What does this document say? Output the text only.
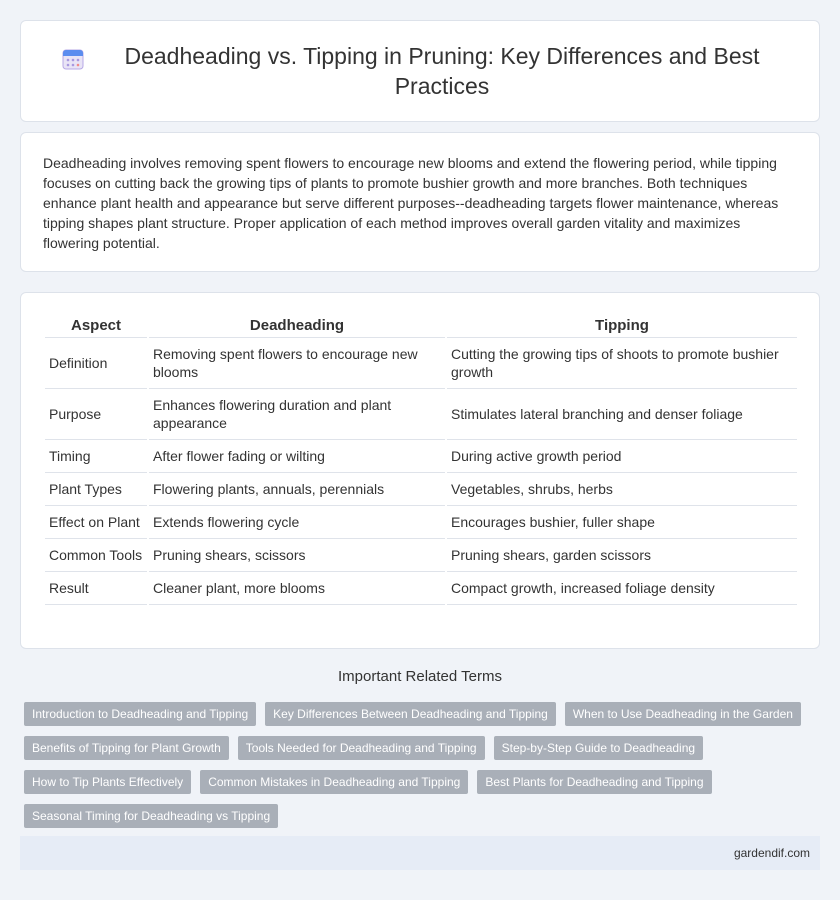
Deadheading vs. Tipping in Pruning: Key Differences and Best Practices

Deadheading involves removing spent flowers to encourage new blooms and extend the flowering period, while tipping focuses on cutting back the growing tips of plants to promote bushier growth and more branches. Both techniques enhance plant health and appearance but serve different purposes--deadheading targets flower maintenance, whereas tipping shapes plant structure. Proper application of each method improves overall garden vitality and maximizes flowering potential.

Aspect	Deadheading	Tipping
Definition	Removing spent flowers to encourage new blooms	Cutting the growing tips of shoots to promote bushier growth
Purpose	Enhances flowering duration and plant appearance	Stimulates lateral branching and denser foliage
Timing	After flower fading or wilting	During active growth period
Plant Types	Flowering plants, annuals, perennials	Vegetables, shrubs, herbs
Effect on Plant	Extends flowering cycle	Encourages bushier, fuller shape
Common Tools	Pruning shears, scissors	Pruning shears, garden scissors
Result	Cleaner plant, more blooms	Compact growth, increased foliage density
Important Related Terms
Introduction to Deadheading and Tipping	Key Differences Between Deadheading and Tipping	When to Use Deadheading in the Garden
Benefits of Tipping for Plant Growth	Tools Needed for Deadheading and Tipping	Step-by-Step Guide to Deadheading
How to Tip Plants Effectively	Common Mistakes in Deadheading and Tipping	Best Plants for Deadheading and Tipping
Seasonal Timing for Deadheading vs Tipping
gardendif.com
